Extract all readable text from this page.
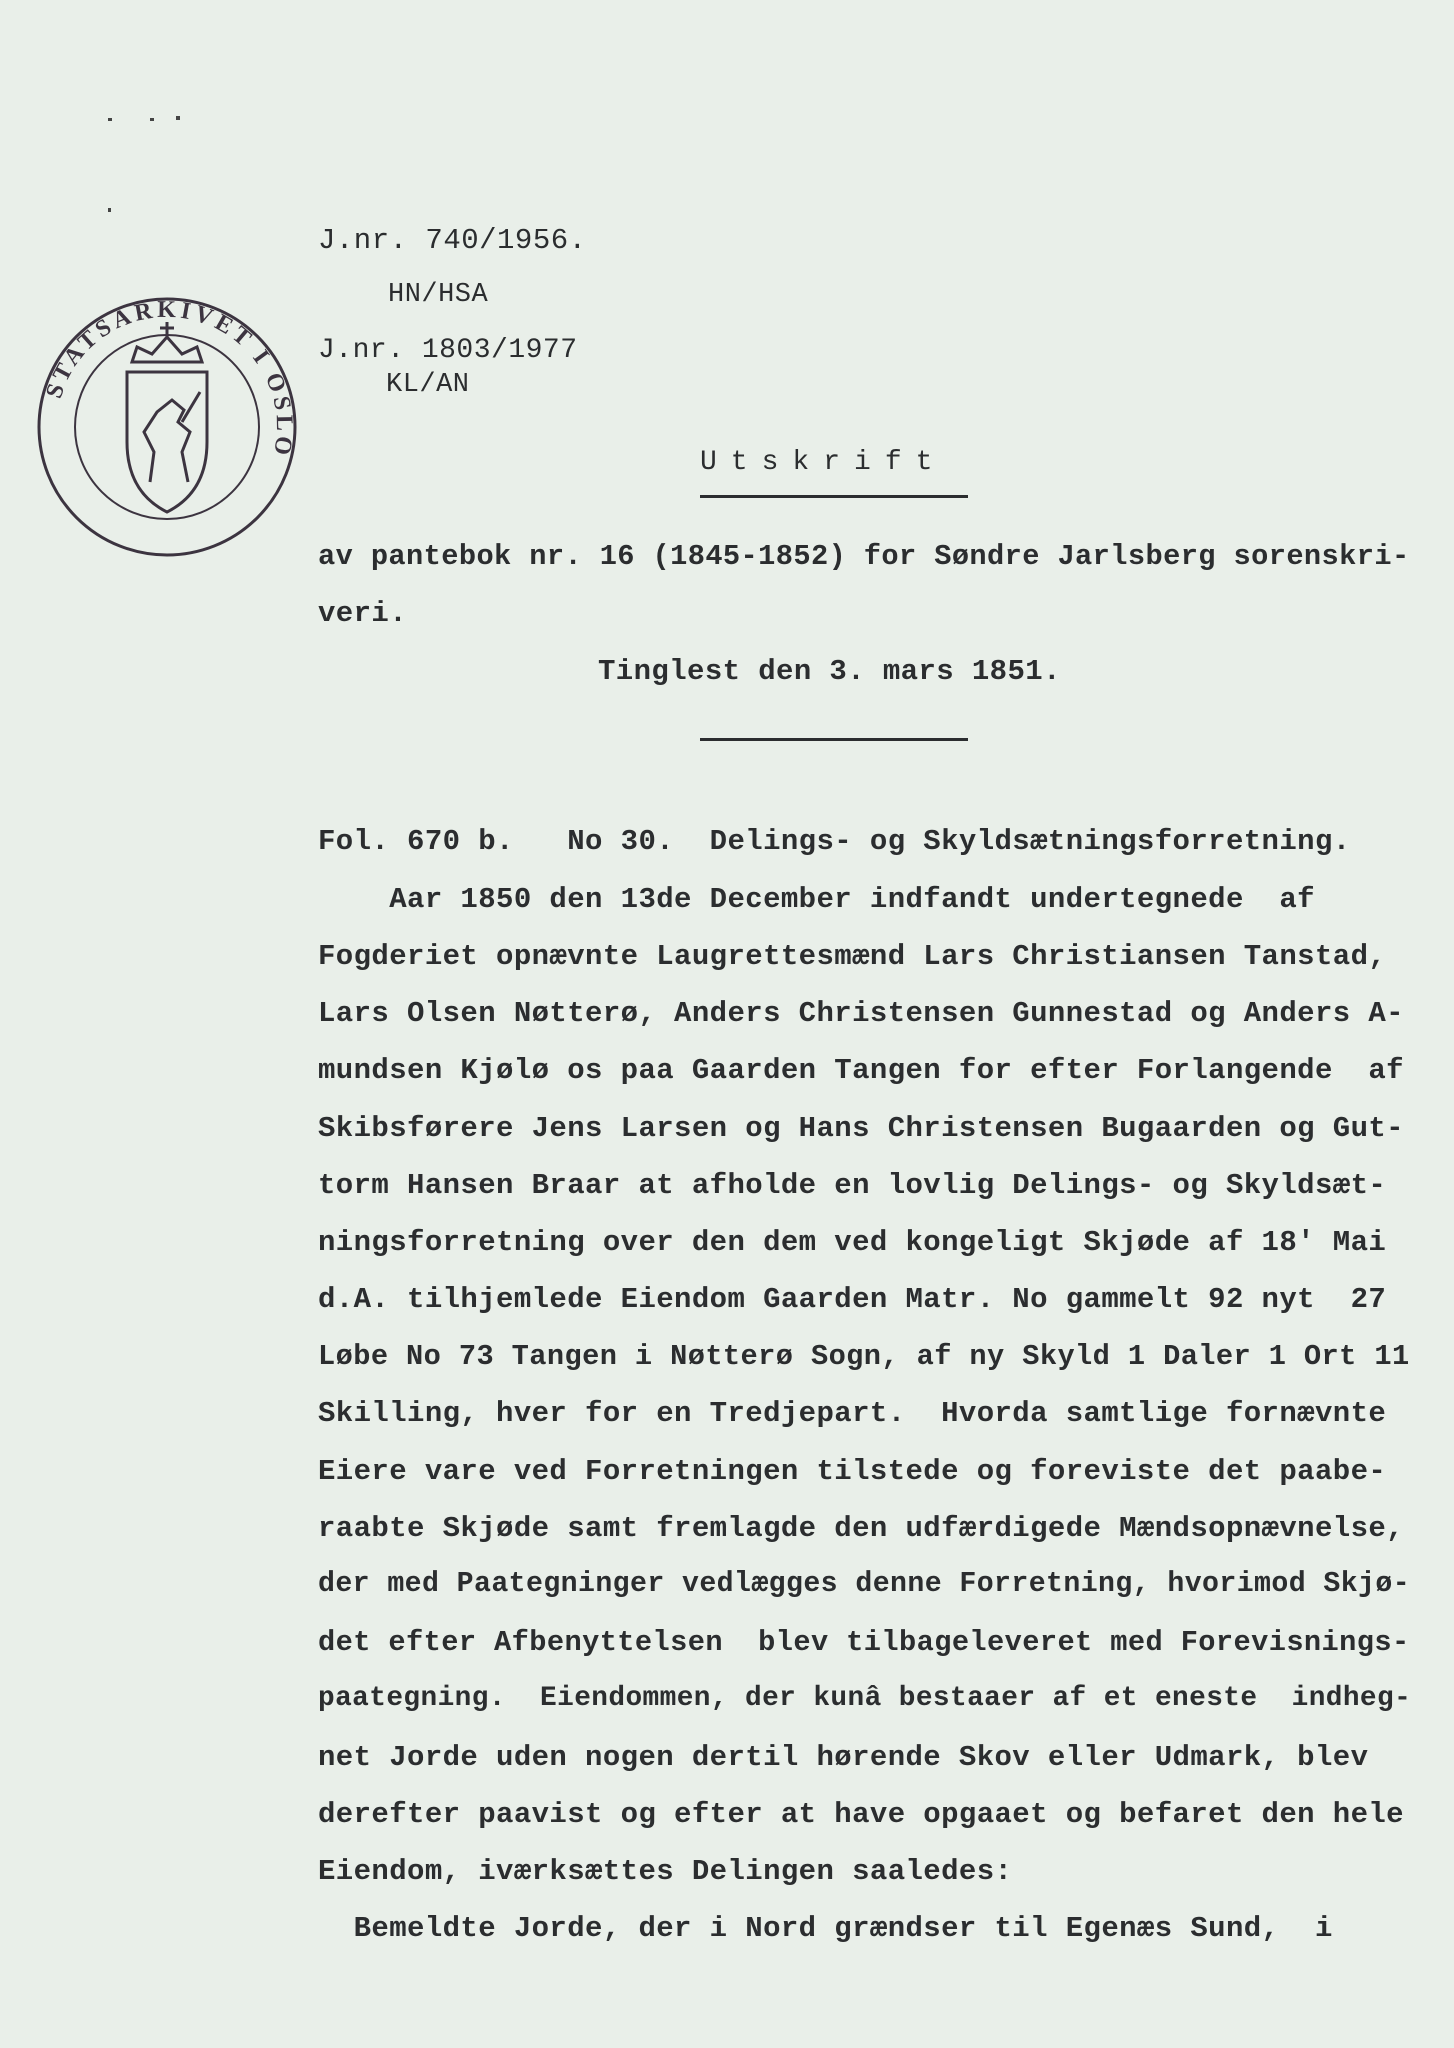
J.nr. 740/1956.
HN/HSA
J.nr. 1803/1977
KL/AN
STATSARKIVET I OSLO	Utskrift
av pantebok nr. 16 (1845-1852) for Søndre Jarlsberg sorenskri-
veri.
Tinglest den 3. mars 1851.
Fol. 670 b.   No 30.  Delings- og Skyldsætningsforretning.
Aar 1850 den 13de December indfandt undertegnede  af
Fogderiet opnævnte Laugrettesmænd Lars Christiansen Tanstad,
Lars Olsen Nøtterø, Anders Christensen Gunnestad og Anders A-
mundsen Kjølø os paa Gaarden Tangen for efter Forlangende  af
Skibsførere Jens Larsen og Hans Christensen Bugaarden og Gut-
torm Hansen Braar at afholde en lovlig Delings- og Skyldsæt-
ningsforretning over den dem ved kongeligt Skjøde af 18' Mai
d.A. tilhjemlede Eiendom Gaarden Matr. No gammelt 92 nyt  27
Løbe No 73 Tangen i Nøtterø Sogn, af ny Skyld 1 Daler 1 Ort 11
Skilling, hver for en Tredjepart.  Hvorda samtlige fornævnte
Eiere vare ved Forretningen tilstede og foreviste det paabe-
raabte Skjøde samt fremlagde den udfærdigede Mændsopnævnelse,
der med Paategninger vedlægges denne Forretning, hvorimod Skjø-
det efter Afbenyttelsen  blev tilbageleveret med Forevisnings-
paategning.  Eiendommen, der kunâ bestaaer af et eneste  indheg-
net Jorde uden nogen dertil hørende Skov eller Udmark, blev
derefter paavist og efter at have opgaaet og befaret den hele
Eiendom, iværksættes Delingen saaledes:
Bemeldte Jorde, der i Nord grændser til Egenæs Sund,  i
